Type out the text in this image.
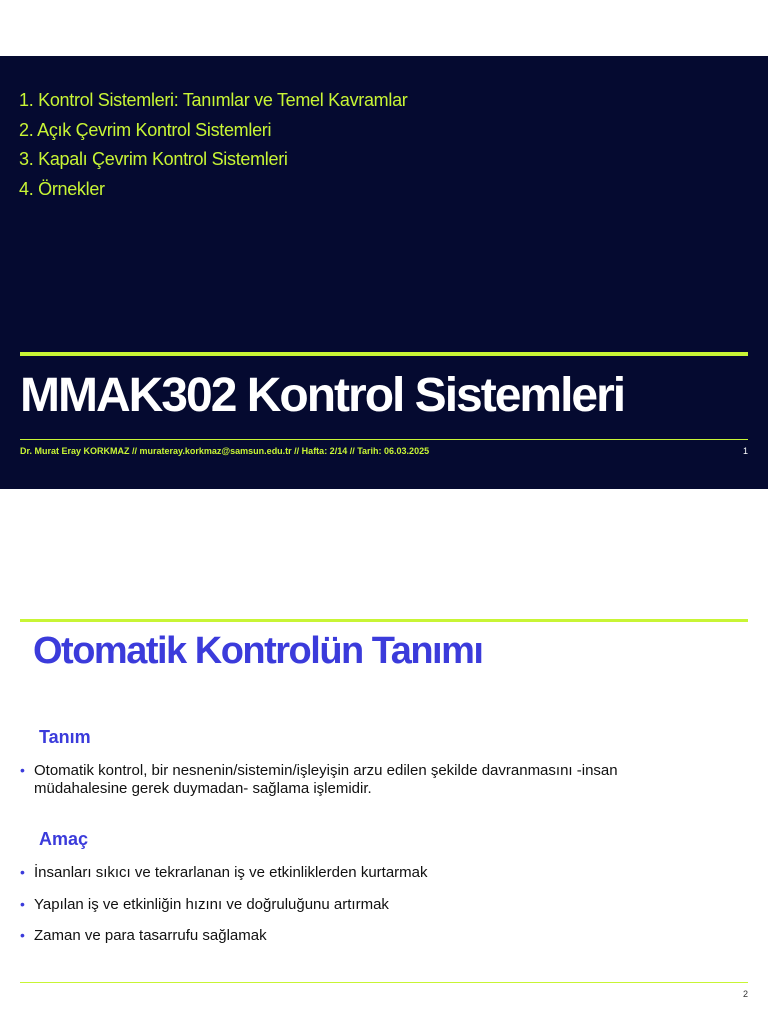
1. Kontrol Sistemleri: Tanımlar ve Temel Kavramlar
2. Açık Çevrim Kontrol Sistemleri
3. Kapalı Çevrim Kontrol Sistemleri
4. Örnekler
MMAK302 Kontrol Sistemleri
Dr. Murat Eray KORKMAZ // murateray.korkmaz@samsun.edu.tr // Hafta: 2/14 // Tarih: 06.03.2025	1
Otomatik Kontrolün Tanımı
Tanım
• Otomatik kontrol, bir nesnenin/sistemin/işleyişin arzu edilen şekilde davranmasını -insan müdahalesine gerek duymadan- sağlama işlemidir.
Amaç
• İnsanları sıkıcı ve tekrarlanan iş ve etkinliklerden kurtarmak
• Yapılan iş ve etkinliğin hızını ve doğruluğunu artırmak
• Zaman ve para tasarrufu sağlamak
2
